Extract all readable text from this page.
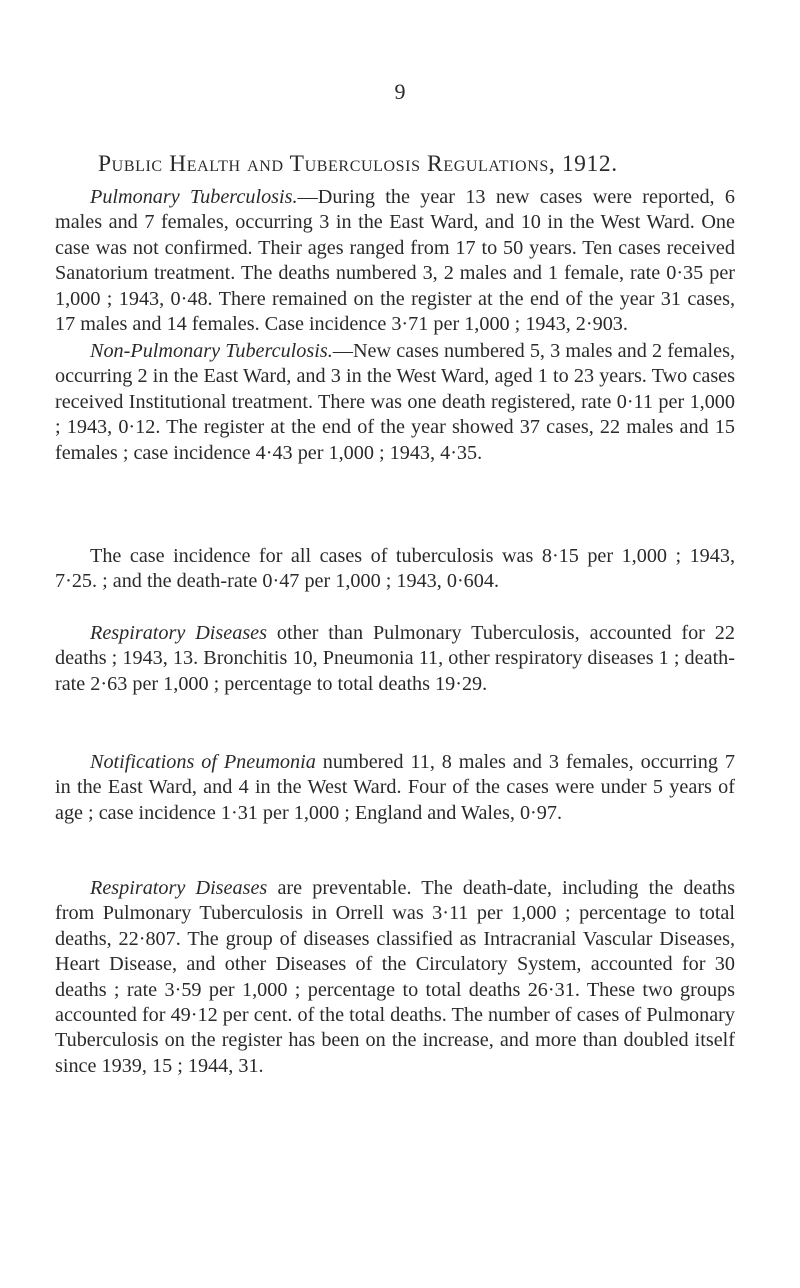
9
Public Health and Tuberculosis Regulations, 1912.

Pulmonary Tuberculosis.—During the year 13 new cases were reported, 6 males and 7 females, occurring 3 in the East Ward, and 10 in the West Ward. One case was not confirmed. Their ages ranged from 17 to 50 years. Ten cases received Sanatorium treatment. The deaths numbered 3, 2 males and 1 female, rate 0·35 per 1,000 ; 1943, 0·48. There remained on the register at the end of the year 31 cases, 17 males and 14 females. Case incidence 3·71 per 1,000 ; 1943, 2·903.

Non-Pulmonary Tuberculosis.—New cases numbered 5, 3 males and 2 females, occurring 2 in the East Ward, and 3 in the West Ward, aged 1 to 23 years. Two cases received Institutional treatment. There was one death registered, rate 0·11 per 1,000 ; 1943, 0·12. The register at the end of the year showed 37 cases, 22 males and 15 females ; case incidence 4·43 per 1,000 ; 1943, 4·35.

The case incidence for all cases of tuberculosis was 8·15 per 1,000 ; 1943, 7·25. ; and the death-rate 0·47 per 1,000 ; 1943, 0·604.

Respiratory Diseases other than Pulmonary Tuberculosis, accounted for 22 deaths ; 1943, 13. Bronchitis 10, Pneumonia 11, other respiratory diseases 1 ; death-rate 2·63 per 1,000 ; percentage to total deaths 19·29.

Notifications of Pneumonia numbered 11, 8 males and 3 females, occurring 7 in the East Ward, and 4 in the West Ward. Four of the cases were under 5 years of age ; case incidence 1·31 per 1,000 ; England and Wales, 0·97.

Respiratory Diseases are preventable. The death-date, including the deaths from Pulmonary Tuberculosis in Orrell was 3·11 per 1,000 ; percentage to total deaths, 22·807. The group of diseases classified as Intracranial Vascular Diseases, Heart Disease, and other Diseases of the Circulatory System, accounted for 30 deaths ; rate 3·59 per 1,000 ; percentage to total deaths 26·31. These two groups accounted for 49·12 per cent. of the total deaths. The number of cases of Pulmonary Tuberculosis on the register has been on the increase, and more than doubled itself since 1939, 15 ; 1944, 31.
